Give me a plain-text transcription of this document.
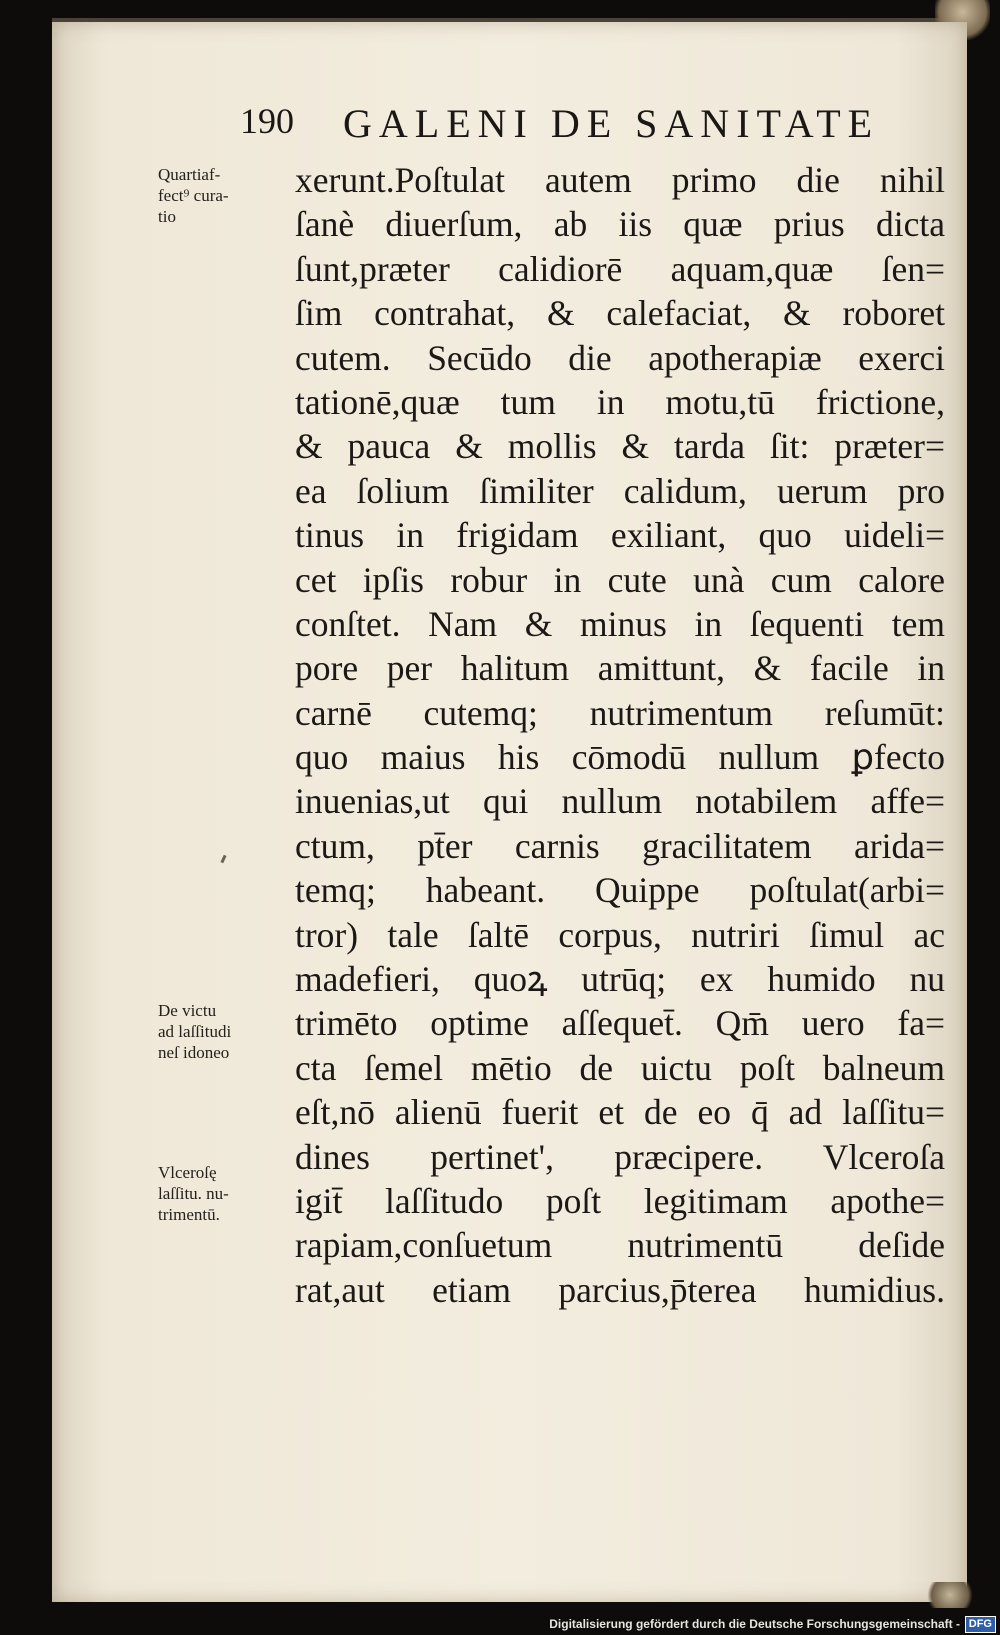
190 GALENI DE SANITATE
xerunt.Poſtulat autem primo die nihil
ſanè diuerſum, ab iis quæ prius dicta
ſunt,præter calidiorē aquam,quæ ſen=
ſim contrahat, & calefaciat, & roboret
cutem. Secūdo die apotherapiæ exerci
tationē,quæ tum in motu,tū frictione,
& pauca & mollis & tarda ſit: præter=
ea ſolium ſimiliter calidum, uerum pro
tinus in frigidam exiliant, quo uideli=
cet ipſis robur in cute unà cum calore
conſtet. Nam & minus in ſequenti tem
pore per halitum amittunt, & facile in
carnē cutemq; nutrimentum reſumūt:
quo maius his cōmodū nullum ꝑfecto
inuenias,ut qui nullum notabilem affe=
ctum, pt̄er carnis gracilitatem arida=
temq; habeant. Quippe poſtulat(arbi=
tror) tale ſaltē corpus, nutriri ſimul ac
madefieri, quoꝝ utrūq; ex humido nu
trimēto optime aſſequet̄. Qm̄ uero fa=
cta ſemel mētio de uictu poſt balneum
eſt,nō alienū fuerit et de eo q̄ ad laſſitu=
dines pertinet', præcipere. Vlceroſa
igit̄ laſſitudo poſt legitimam apothe=
rapiam,conſuetum nutrimentū deſide
rat,aut etiam parcius,p̄terea humidius.
Quartiaf-
fect⁹ cura-
tio
De victu
ad laſſitudi
neſ idoneo
Vlceroſę
laſſitu. nu-
trimentū.
Digitalisierung gefördert durch die Deutsche Forschungsgemeinschaft - DFG
